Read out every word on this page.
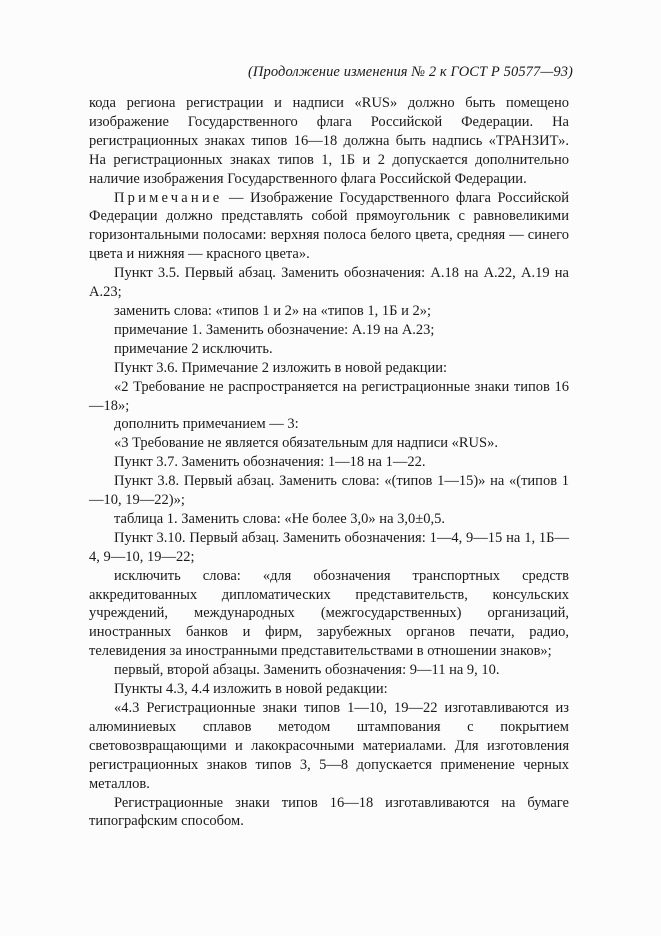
(Продолжение изменения № 2 к ГОСТ Р 50577—93)

кода региона регистрации и надписи «RUS» должно быть помещено изображение Государственного флага Российской Федерации. На регистрационных знаках типов 16—18 должна быть надпись «ТРАНЗИТ». На регистрационных знаках типов 1, 1Б и 2 допускается дополнительно наличие изображения Государственного флага Российской Федерации.

Примечание — Изображение Государственного флага Российской Федерации должно представлять собой прямоугольник с равновеликими горизонтальными полосами: верхняя полоса белого цвета, средняя — синего цвета и нижняя — красного цвета».

Пункт 3.5. Первый абзац. Заменить обозначения: А.18 на А.22, А.19 на А.23;

заменить слова: «типов 1 и 2» на «типов 1, 1Б и 2»;

примечание 1. Заменить обозначение: А.19 на А.23;

примечание 2 исключить.

Пункт 3.6. Примечание 2 изложить в новой редакции:

«2 Требование не распространяется на регистрационные знаки типов 16—18»;

дополнить примечанием — 3:

«3 Требование не является обязательным для надписи «RUS».

Пункт 3.7. Заменить обозначения: 1—18 на 1—22.

Пункт 3.8. Первый абзац. Заменить слова: «(типов 1—15)» на «(типов 1—10, 19—22)»;

таблица 1. Заменить слова: «Не более 3,0» на 3,0±0,5.

Пункт 3.10. Первый абзац. Заменить обозначения: 1—4, 9—15 на 1, 1Б—4, 9—10, 19—22;

исключить слова: «для обозначения транспортных средств аккредитованных дипломатических представительств, консульских учреждений, международных (межгосударственных) организаций, иностранных банков и фирм, зарубежных органов печати, радио, телевидения за иностранными представительствами в отношении знаков»;

первый, второй абзацы. Заменить обозначения: 9—11 на 9, 10.

Пункты 4.3, 4.4 изложить в новой редакции:

«4.3 Регистрационные знаки типов 1—10, 19—22 изготавливаются из алюминиевых сплавов методом штампования с покрытием световозвращающими и лакокрасочными материалами. Для изготовления регистрационных знаков типов 3, 5—8 допускается применение черных металлов.

Регистрационные знаки типов 16—18 изготавливаются на бумаге типографским способом.
